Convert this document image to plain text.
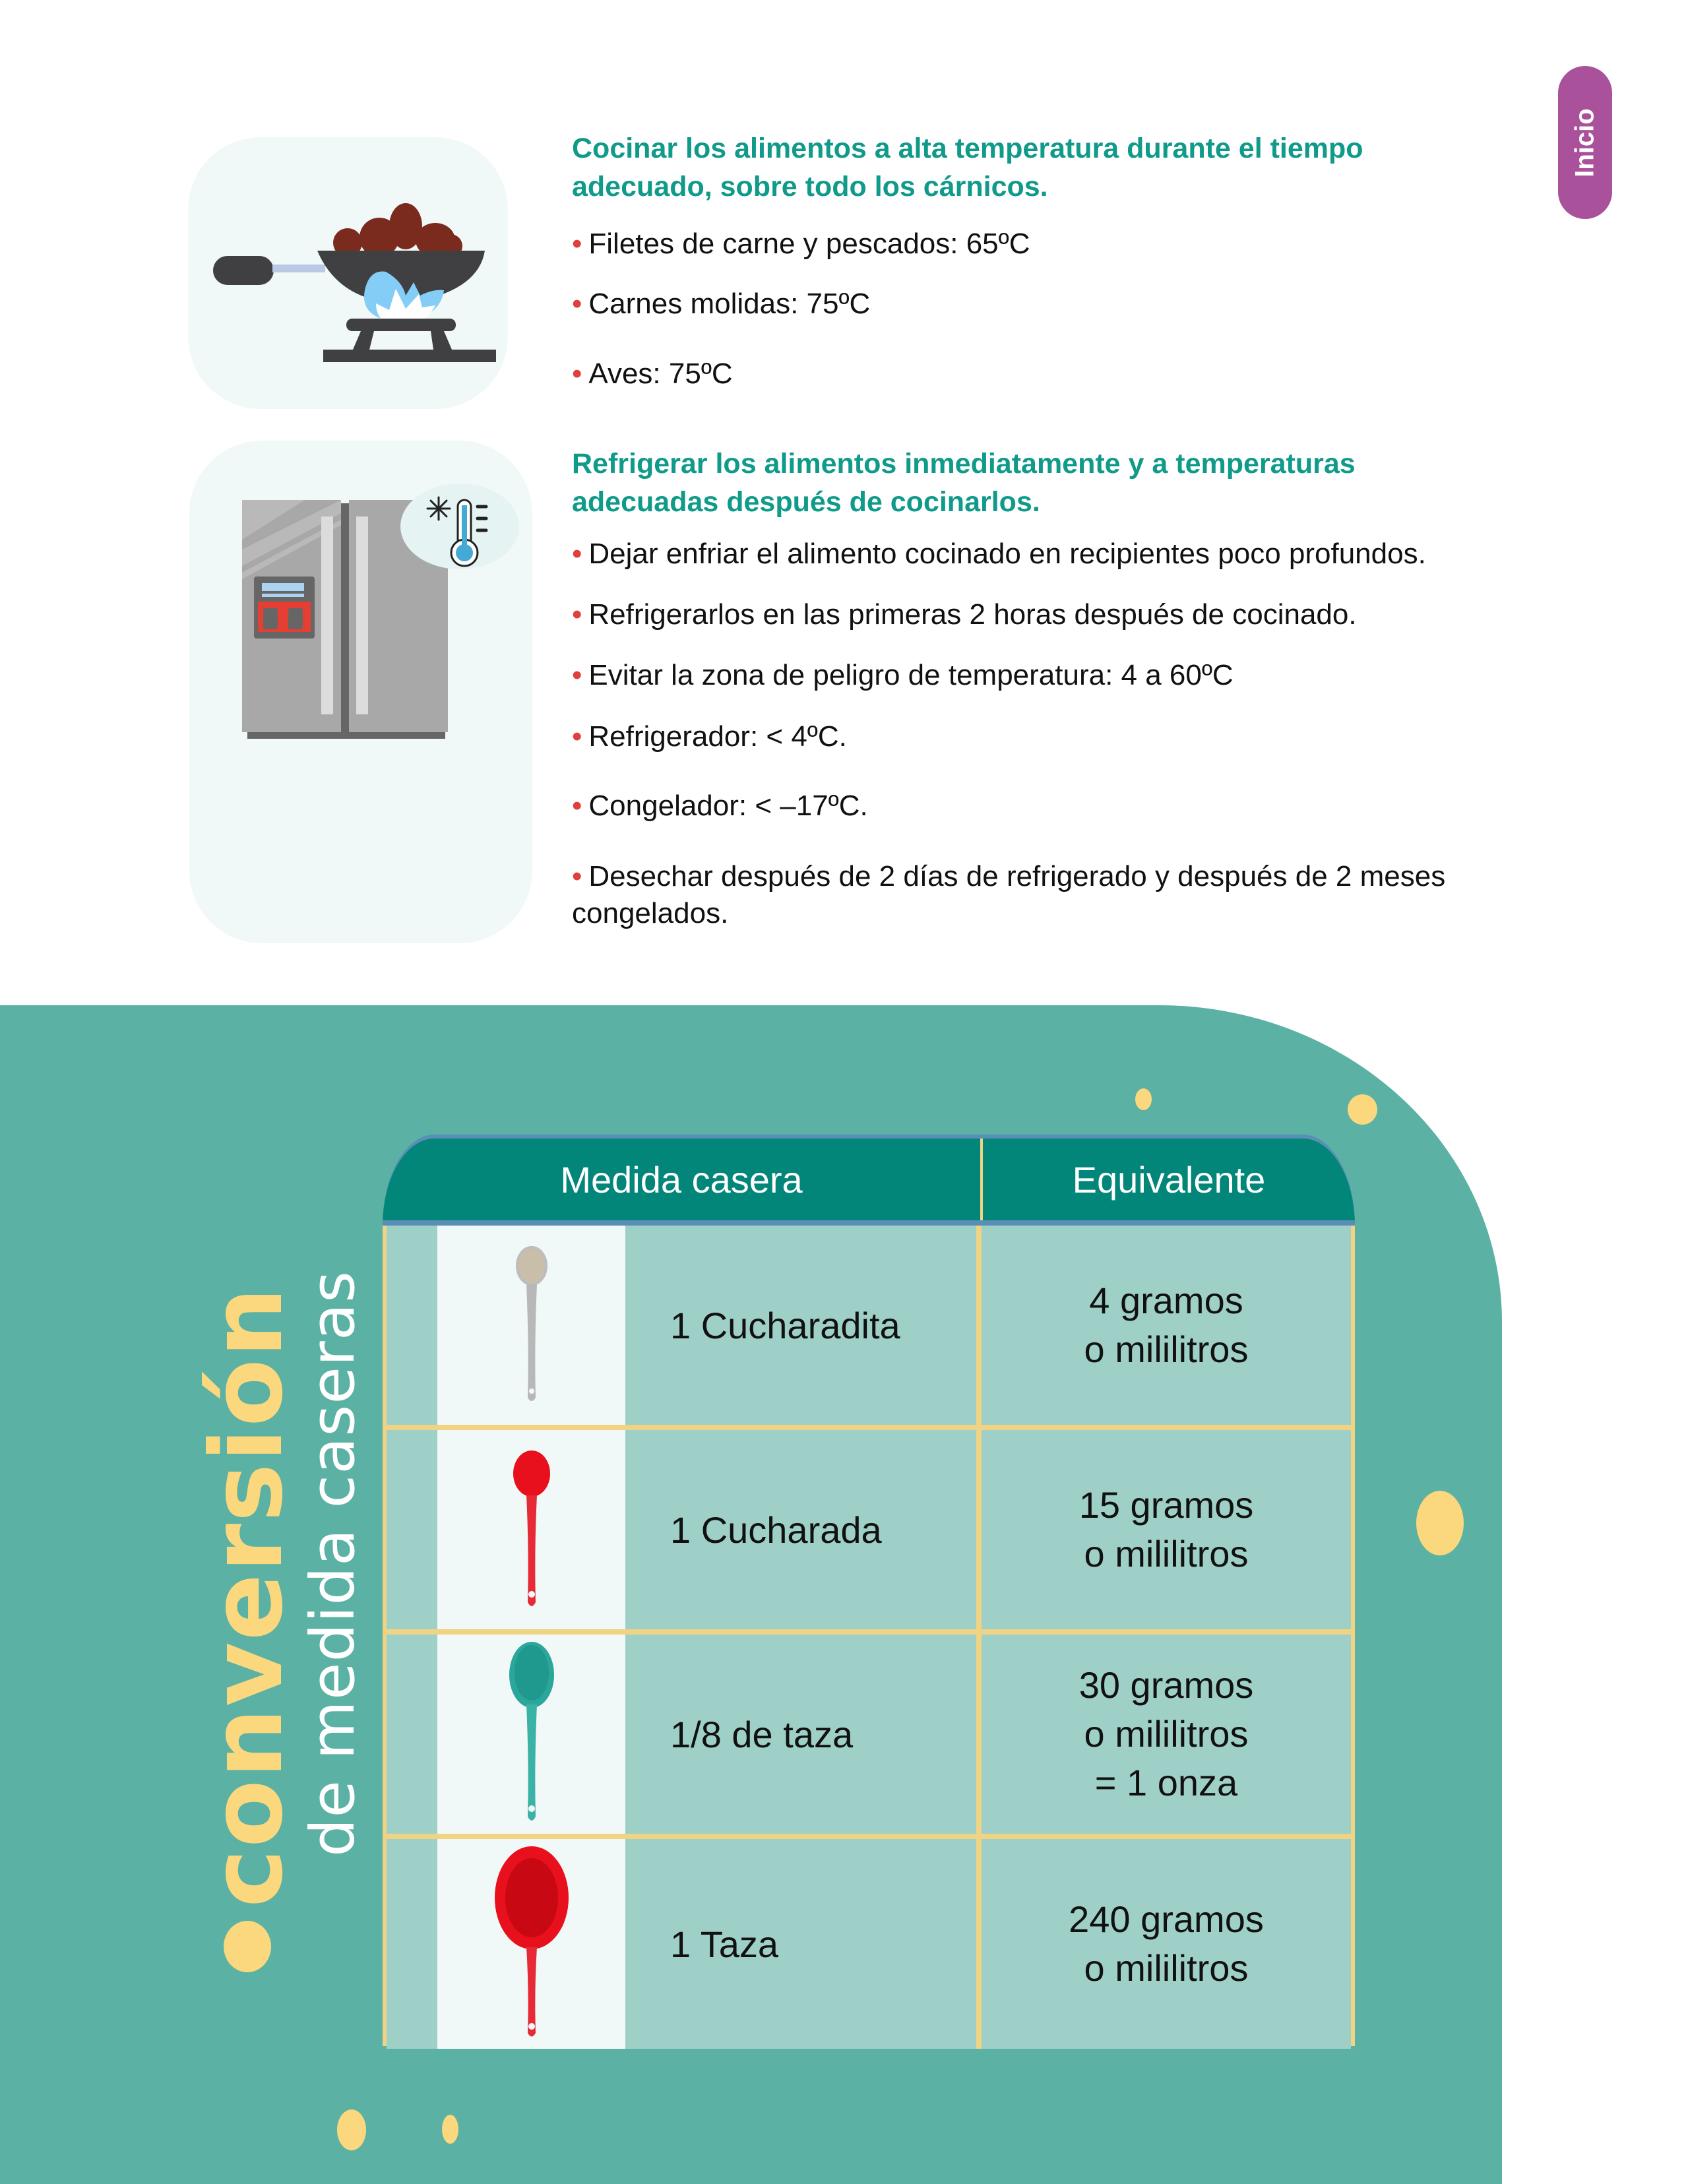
Inicio
Cocinar los alimentos a alta temperatura durante el tiempo adecuado, sobre todo los cárnicos.
• Filetes de carne y pescados: 65ºC
• Carnes molidas: 75ºC
• Aves: 75ºC
Refrigerar los alimentos inmediatamente y a temperaturas adecuadas después de cocinarlos.
• Dejar enfriar el alimento cocinado en recipientes poco profundos.
• Refrigerarlos en las primeras 2 horas después de cocinado.
• Evitar la zona de peligro de temperatura: 4 a 60ºC
• Refrigerador: < 4ºC.
• Congelador: < –17ºC.
• Desechar después de 2 días de refrigerado y después de 2 meses congelados.
conversión
de medida caseras
Medida casera	Equivalente
1 Cucharadita
4 gramos
o mililitros
1 Cucharada
15 gramos
o mililitros
1/8 de taza
30 gramos
o mililitros
= 1 onza
1 Taza
240 gramos
o mililitros
